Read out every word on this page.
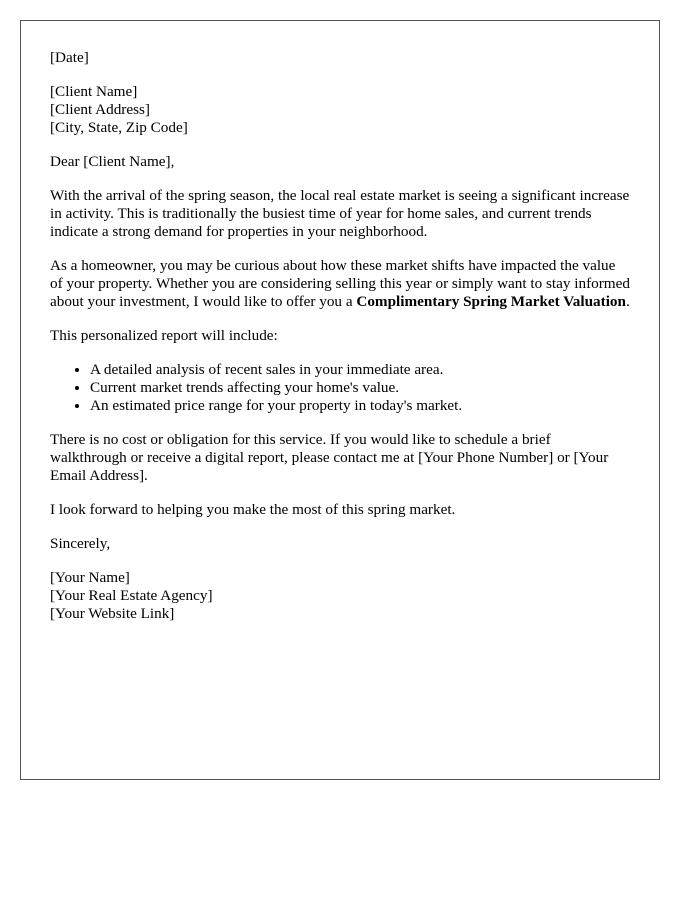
[Date]

[Client Name]
[Client Address]
[City, State, Zip Code]

Dear [Client Name],

With the arrival of the spring season, the local real estate market is seeing a significant increase in activity. This is traditionally the busiest time of year for home sales, and current trends indicate a strong demand for properties in your neighborhood.

As a homeowner, you may be curious about how these market shifts have impacted the value of your property. Whether you are considering selling this year or simply want to stay informed about your investment, I would like to offer you a Complimentary Spring Market Valuation.

This personalized report will include:

• A detailed analysis of recent sales in your immediate area.
• Current market trends affecting your home's value.
• An estimated price range for your property in today's market.

There is no cost or obligation for this service. If you would like to schedule a brief walkthrough or receive a digital report, please contact me at [Your Phone Number] or [Your Email Address].

I look forward to helping you make the most of this spring market.

Sincerely,

[Your Name]
[Your Real Estate Agency]
[Your Website Link]
